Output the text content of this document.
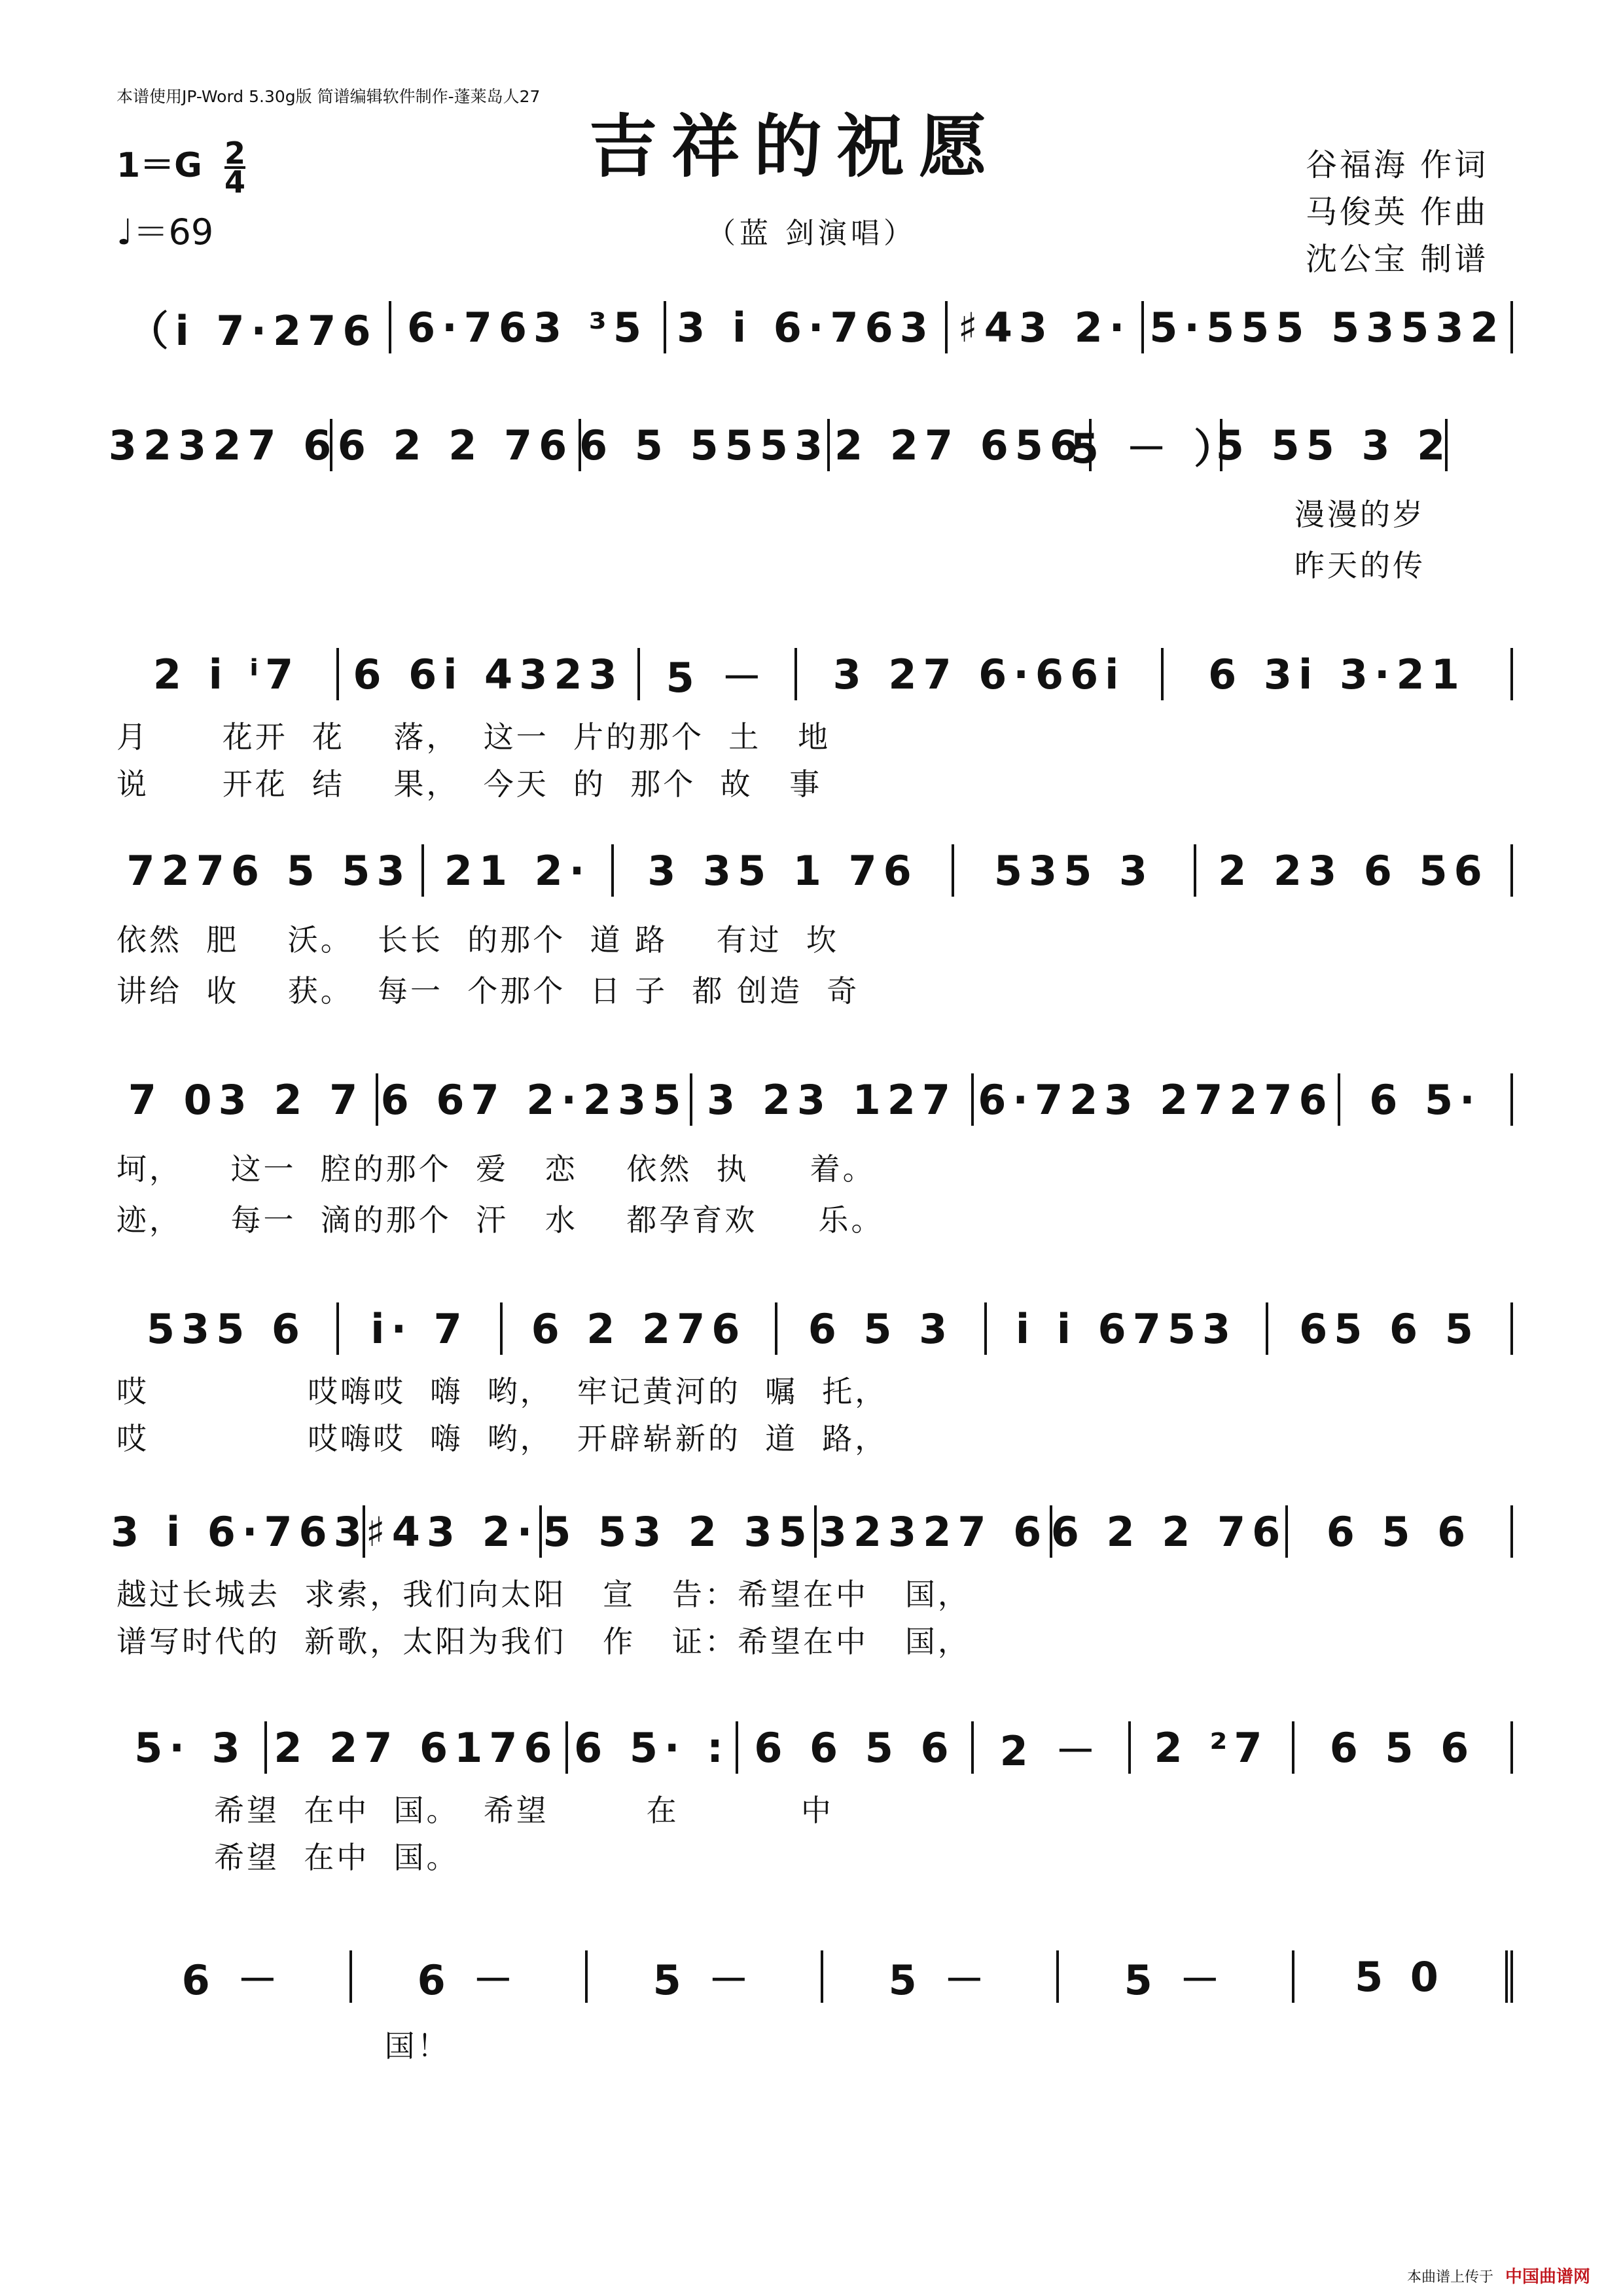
本谱使用JP-Word 5.30g版 简谱编辑软件制作-蓬莱岛人27
吉祥的祝愿
$1=G \frac{2}{4}$
♩＝69	（蓝 剑演唱）
谷福海 作词
马俊英 作曲
沈公宝 制谱
（i 7·276 6·763 ³5 3 i 6·763 ♯43 2· 5·555 53532
32327 6 6 2 2 76 6 5 5553 2 27 656
5 － ）
5 55 3 2
漫漫的岁
昨天的传
2 i ⁱ7	6 6i 4323	5 －	3 27 6·66i	6 3i 3·21
月      花开  花    落，  这一  片的那个  土   地
说      开花  结    果，  今天  的  那个  故   事
7276 5 53 21 2·	3 35 1 76	535 3	2 23 6 56
依然  肥    沃。  长长  的那个  道 路    有过  坎
讲给  收    获。  每一  个那个  日 子  都 创造  奇
7 03 2 7 6 67 2·235 3 23 127 6·723 27276 6 5·
坷，    这一  腔的那个  爱   恋    依然  执     着。
迹，    每一  滴的那个  汗   水    都孕育欢     乐。
535 6	i· 7	6 2 276	6 5 3	i i 6753	65 6 5
哎             哎嗨哎  嗨  哟，  牢记黄河的  嘱  托，
哎             哎嗨哎  嗨  哟，  开辟崭新的  道  路，
3 i 6·763
♯43 2· 5 53 2 35 32327 6 6 2 2 76 6 5 6
越过长城去  求索，我们向太阳   宣   告：希望在中   国，
谱写时代的  新歌，太阳为我们   作   证：希望在中   国，
5· 3 2 27 6176 6 5· : 6 6 5 6	2 －	2 ²7	6 5 6
希望  在中  国。  希望        在          中
希望  在中  国。
6 －	6 －	5 －	5 －	5 －	5 0
国！
本曲谱上传于 中国曲谱网
